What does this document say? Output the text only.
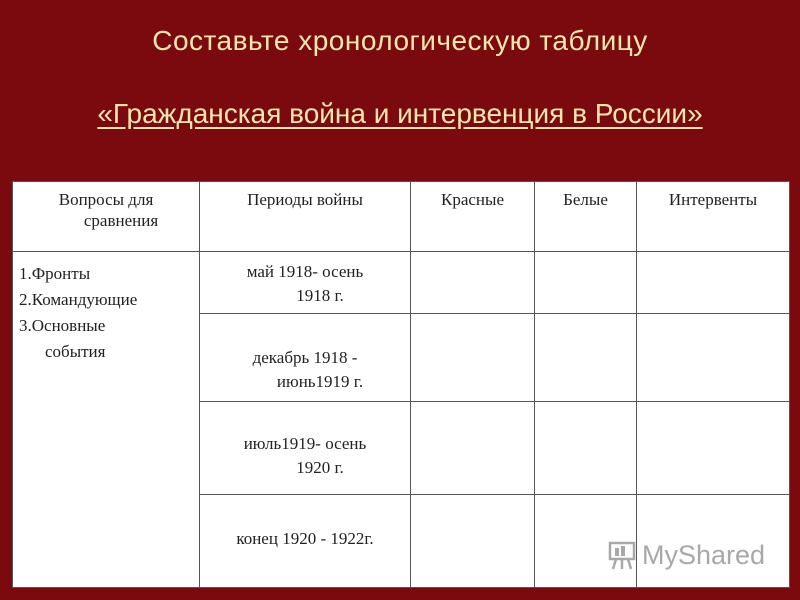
Составьте хронологическую таблицу
«Гражданская война и интервенция в России»
Вопросы для
сравнения	Периоды войны	Красные	Белые	Интервенты

1.Фронты
2.Командующие
3.Основные
события	май 1918- осень
1918 г.			

	декабрь 1918 -
июнь1919 г.			

	июль1919- осень
1920 г.			

	конец 1920 - 1922г.			

MyShared
